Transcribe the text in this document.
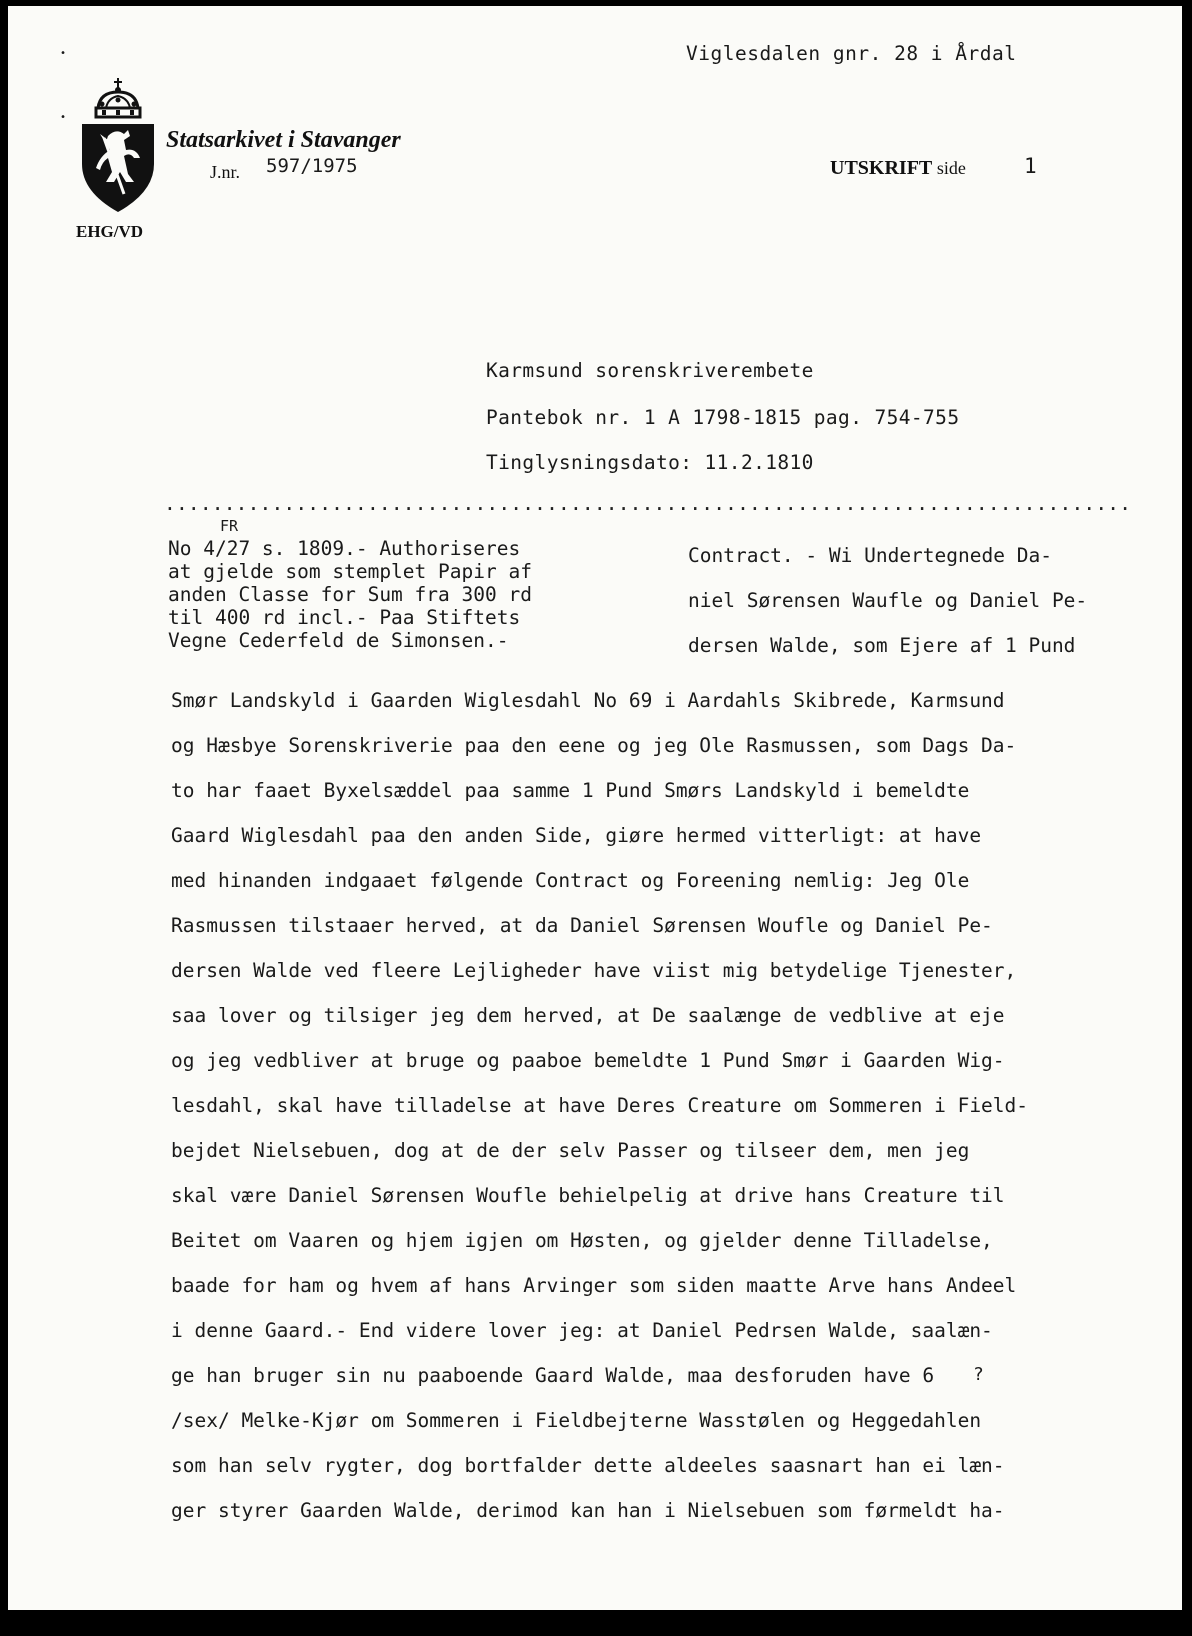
Viglesdalen gnr. 28 i Årdal
•
•
Statsarkivet i Stavanger
J.nr. 597/1975	UTSKRIFT side	1
EHG/VD
Karmsund sorenskriverembete
Pantebok nr. 1 A 1798-1815 pag. 754-755
Tinglysningsdato: 11.2.1810
.................................................................................
FR
No 4/27 s. 1809.- Authoriseres
at gjelde som stemplet Papir af
anden Classe for Sum fra 300 rd
til 400 rd incl.- Paa Stiftets
Vegne Cederfeld de Simonsen.-
Contract. - Wi Undertegnede Da-
niel Sørensen Waufle og Daniel Pe-
dersen Walde, som Ejere af 1 Pund
Smør Landskyld i Gaarden Wiglesdahl No 69 i Aardahls Skibrede, Karmsund
og Hæsbye Sorenskriverie paa den eene og jeg Ole Rasmussen, som Dags Da-
to har faaet Byxelsæddel paa samme 1 Pund Smørs Landskyld i bemeldte
Gaard Wiglesdahl paa den anden Side, giøre hermed vitterligt: at have
med hinanden indgaaet følgende Contract og Foreening nemlig: Jeg Ole
Rasmussen tilstaaer herved, at da Daniel Sørensen Woufle og Daniel Pe-
dersen Walde ved fleere Lejligheder have viist mig betydelige Tjenester,
saa lover og tilsiger jeg dem herved, at De saalænge de vedblive at eje
og jeg vedbliver at bruge og paaboe bemeldte 1 Pund Smør i Gaarden Wig-
lesdahl, skal have tilladelse at have Deres Creature om Sommeren i Field-
bejdet Nielsebuen, dog at de der selv Passer og tilseer dem, men jeg
skal være Daniel Sørensen Woufle behielpelig at drive hans Creature til
Beitet om Vaaren og hjem igjen om Høsten, og gjelder denne Tilladelse,
baade for ham og hvem af hans Arvinger som siden maatte Arve hans Andeel
i denne Gaard.- End videre lover jeg: at Daniel Pedrsen Walde, saalæn-
ge han bruger sin nu paaboende Gaard Walde, maa desforuden have 6
/sex/ Melke-Kjør om Sommeren i Fieldbejterne Wasstølen og Heggedahlen
som han selv rygter, dog bortfalder dette aldeeles saasnart han ei læn-
ger styrer Gaarden Walde, derimod kan han i Nielsebuen som førmeldt ha-
?
